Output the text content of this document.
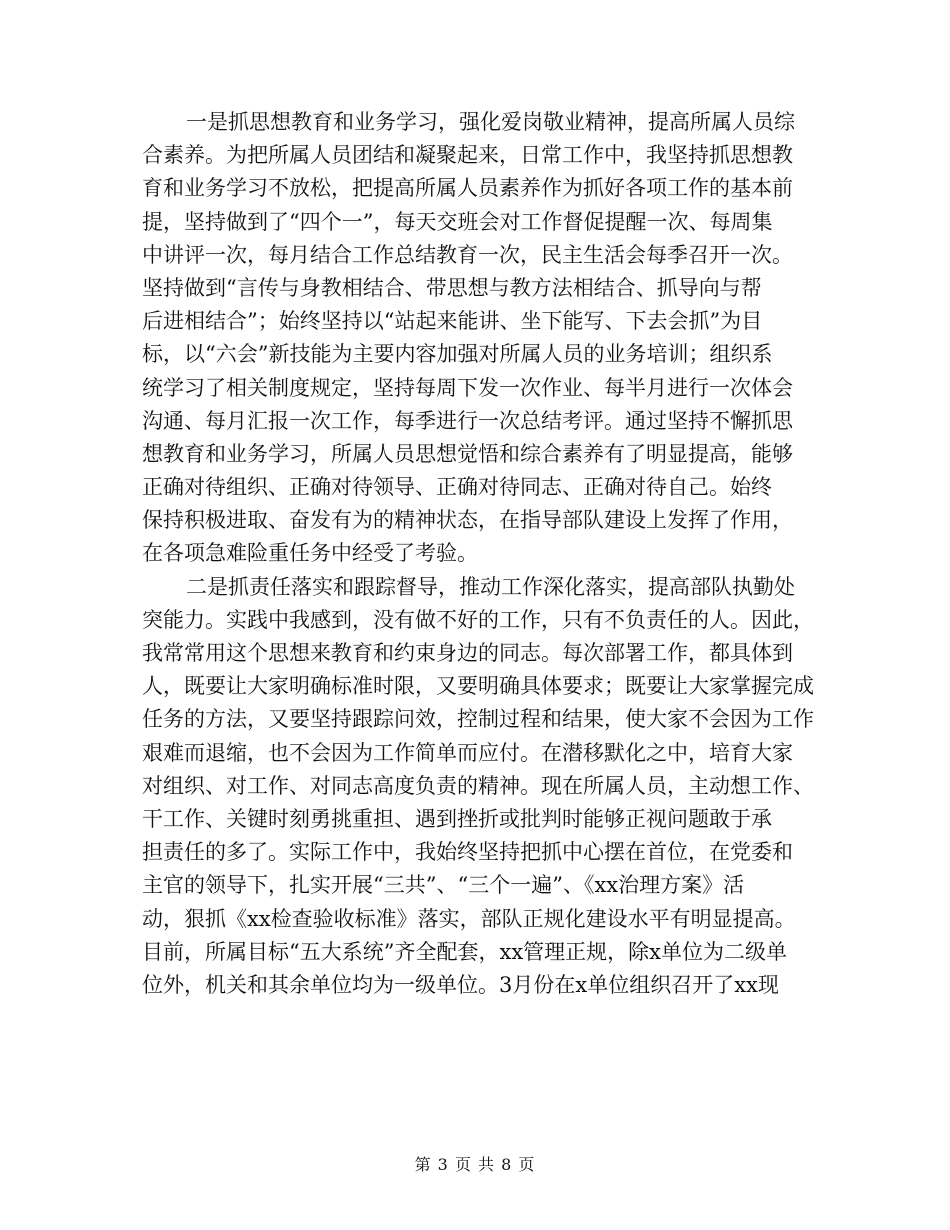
一是抓思想教育和业务学习，强化爱岗敬业精神，提高所属人员综
合素养。为把所属人员团结和凝聚起来，日常工作中，我坚持抓思想教
育和业务学习不放松，把提高所属人员素养作为抓好各项工作的基本前
提，坚持做到了“四个一”，每天交班会对工作督促提醒一次、每周集
中讲评一次，每月结合工作总结教育一次，民主生活会每季召开一次。
坚持做到“言传与身教相结合、带思想与教方法相结合、抓导向与帮
后进相结合”；始终坚持以“站起来能讲、坐下能写、下去会抓”为目
标，以“六会”新技能为主要内容加强对所属人员的业务培训；组织系
统学习了相关制度规定，坚持每周下发一次作业、每半月进行一次体会
沟通、每月汇报一次工作，每季进行一次总结考评。通过坚持不懈抓思
想教育和业务学习，所属人员思想觉悟和综合素养有了明显提高，能够
正确对待组织、正确对待领导、正确对待同志、正确对待自己。始终
保持积极进取、奋发有为的精神状态，在指导部队建设上发挥了作用，
在各项急难险重任务中经受了考验。
二是抓责任落实和跟踪督导，推动工作深化落实，提高部队执勤处
突能力。实践中我感到，没有做不好的工作，只有不负责任的人。因此，
我常常用这个思想来教育和约束身边的同志。每次部署工作，都具体到
人，既要让大家明确标准时限，又要明确具体要求；既要让大家掌握完成
任务的方法，又要坚持跟踪问效，控制过程和结果，使大家不会因为工作
艰难而退缩，也不会因为工作简单而应付。在潜移默化之中，培育大家
对组织、对工作、对同志高度负责的精神。现在所属人员，主动想工作、
干工作、关键时刻勇挑重担、遇到挫折或批判时能够正视问题敢于承
担责任的多了。实际工作中，我始终坚持把抓中心摆在首位，在党委和
主官的领导下，扎实开展“三共”、“三个一遍”、《xx治理方案》活
动，狠抓《xx检查验收标准》落实，部队正规化建设水平有明显提高。
目前，所属目标“五大系统”齐全配套，xx管理正规，除x单位为二级单
位外，机关和其余单位均为一级单位。3月份在x单位组织召开了xx现
第 3 页 共 8 页
